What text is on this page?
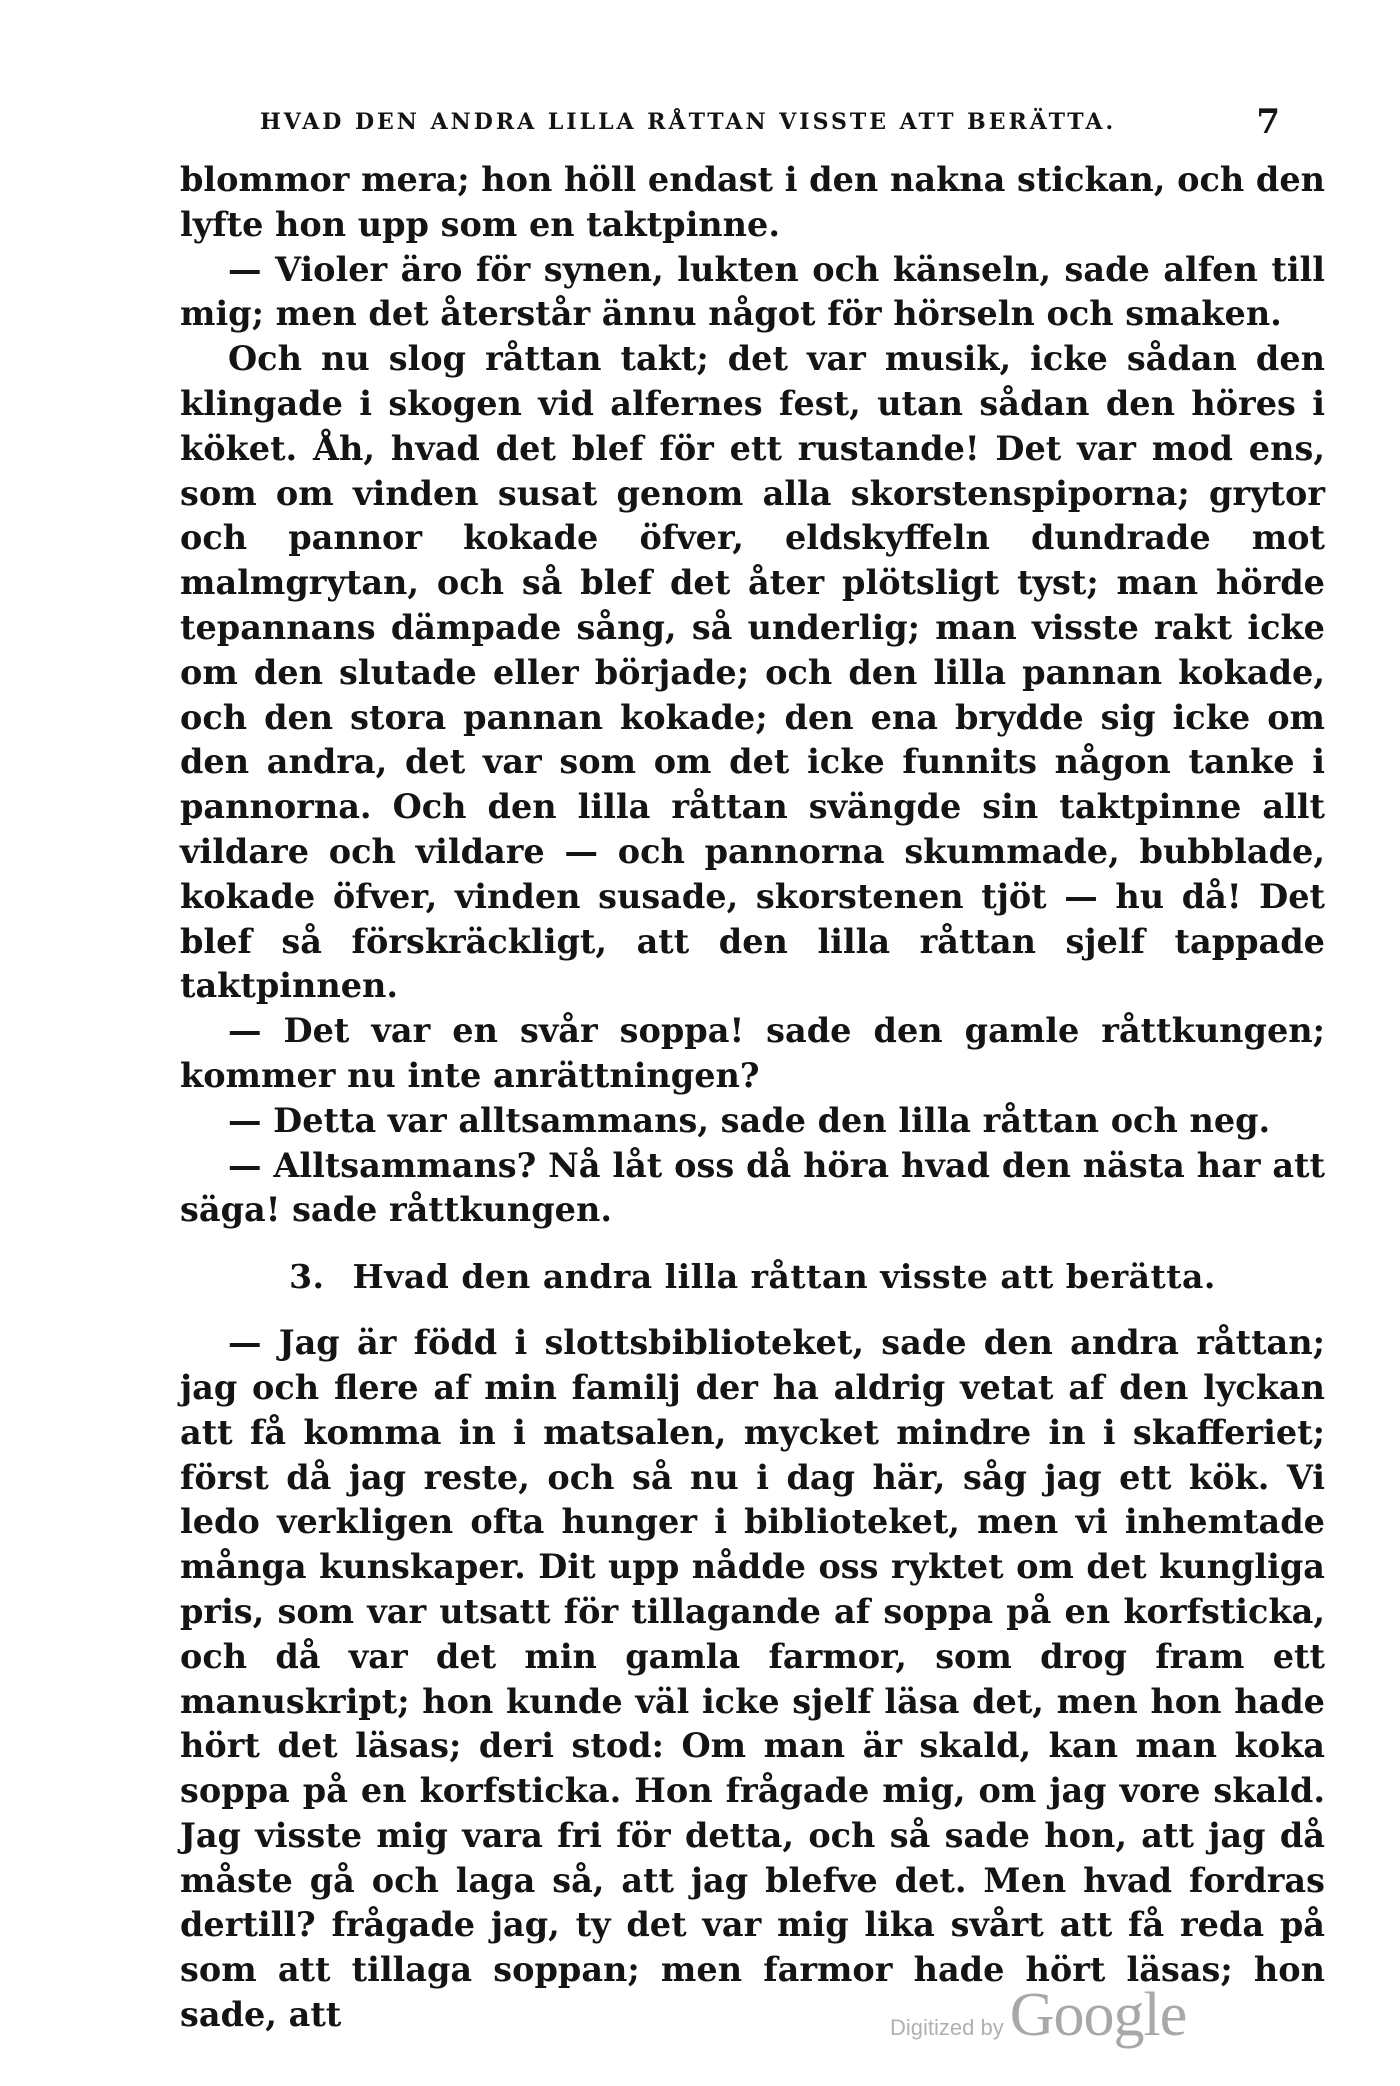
HVAD DEN ANDRA LILLA RÅTTAN VISSTE ATT BERÄTTA.	7

blommor mera; hon höll endast i den nakna stickan, och den lyfte hon upp som en taktpinne.

— Violer äro för synen, lukten och känseln, sade alfen till mig; men det återstår ännu något för hörseln och smaken.

Och nu slog råttan takt; det var musik, icke sådan den klingade i skogen vid alfernes fest, utan sådan den höres i köket. Åh, hvad det blef för ett rustande! Det var mod ens, som om vinden susat genom alla skorstenspiporna; grytor och pannor kokade öfver, eldskyffeln dundrade mot malmgrytan, och så blef det åter plötsligt tyst; man hörde tepannans dämpade sång, så underlig; man visste rakt icke om den slutade eller började; och den lilla pannan kokade, och den stora pannan kokade; den ena brydde sig icke om den andra, det var som om det icke funnits någon tanke i pannorna. Och den lilla råttan svängde sin taktpinne allt vildare och vildare — och pannorna skummade, bubblade, kokade öfver, vinden susade, skorstenen tjöt — hu då! Det blef så förskräckligt, att den lilla råttan sjelf tappade taktpinnen.

— Det var en svår soppa! sade den gamle råttkungen; kommer nu inte anrättningen?

— Detta var alltsammans, sade den lilla råttan och neg.

— Alltsammans? Nå låt oss då höra hvad den nästa har att säga! sade råttkungen.

3. Hvad den andra lilla råttan visste att berätta.

— Jag är född i slottsbiblioteket, sade den andra råttan; jag och flere af min familj der ha aldrig vetat af den lyckan att få komma in i matsalen, mycket mindre in i skafferiet; först då jag reste, och så nu i dag här, såg jag ett kök. Vi ledo verkligen ofta hunger i biblioteket, men vi inhemtade många kunskaper. Dit upp nådde oss ryktet om det kungliga pris, som var utsatt för tillagande af soppa på en korfsticka, och då var det min gamla farmor, som drog fram ett manuskript; hon kunde väl icke sjelf läsa det, men hon hade hört det läsas; deri stod: Om man är skald, kan man koka soppa på en korfsticka. Hon frågade mig, om jag vore skald. Jag visste mig vara fri för detta, och så sade hon, att jag då måste gå och laga så, att jag blefve det. Men hvad fordras dertill? frågade jag, ty det var mig lika svårt att få reda på som att tillaga soppan; men farmor hade hört läsas; hon sade, att	Digitized by Google
